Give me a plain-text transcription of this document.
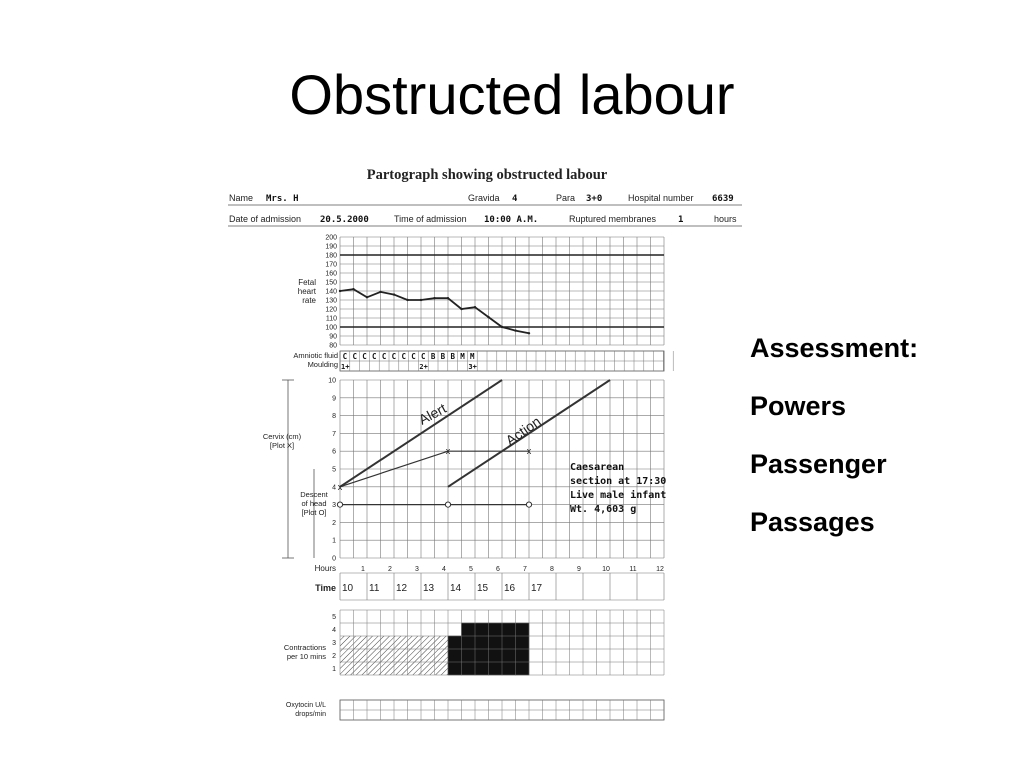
Obstructed labour
Assessment:
Powers
Passenger
Passages
Partograph showing obstructed labour
Name Mrs. H	Gravida 4	Para 3+0	Hospital number 6639
Date of admission 20.5.2000	Time of admission 10:00 A.M.	Ruptured membranes 1	hours
200
190
180
170
160
150
140
130
120
110
100
90
80
Fetal
heart
rate
C C C C C C C C C B B B M M
1+	2+	3+
Amniotic fluid
Moulding
10
9
8
7
6
5
4
3
2
1
0
x
x	x
Cervix (cm)
[Plot X]
Descent
of head
[Plot O]
Alert	Action
Caesarean
section at 17:30
Live male infant
Wt. 4,603 g
Hours
Time
1	2	3	4	5	6	7	8	9	10	11	12
10 11 12 13 14 15 16 17
5
4
3
2
1
Contractions
per 10 mins
Oxytocin U/L
drops/min
